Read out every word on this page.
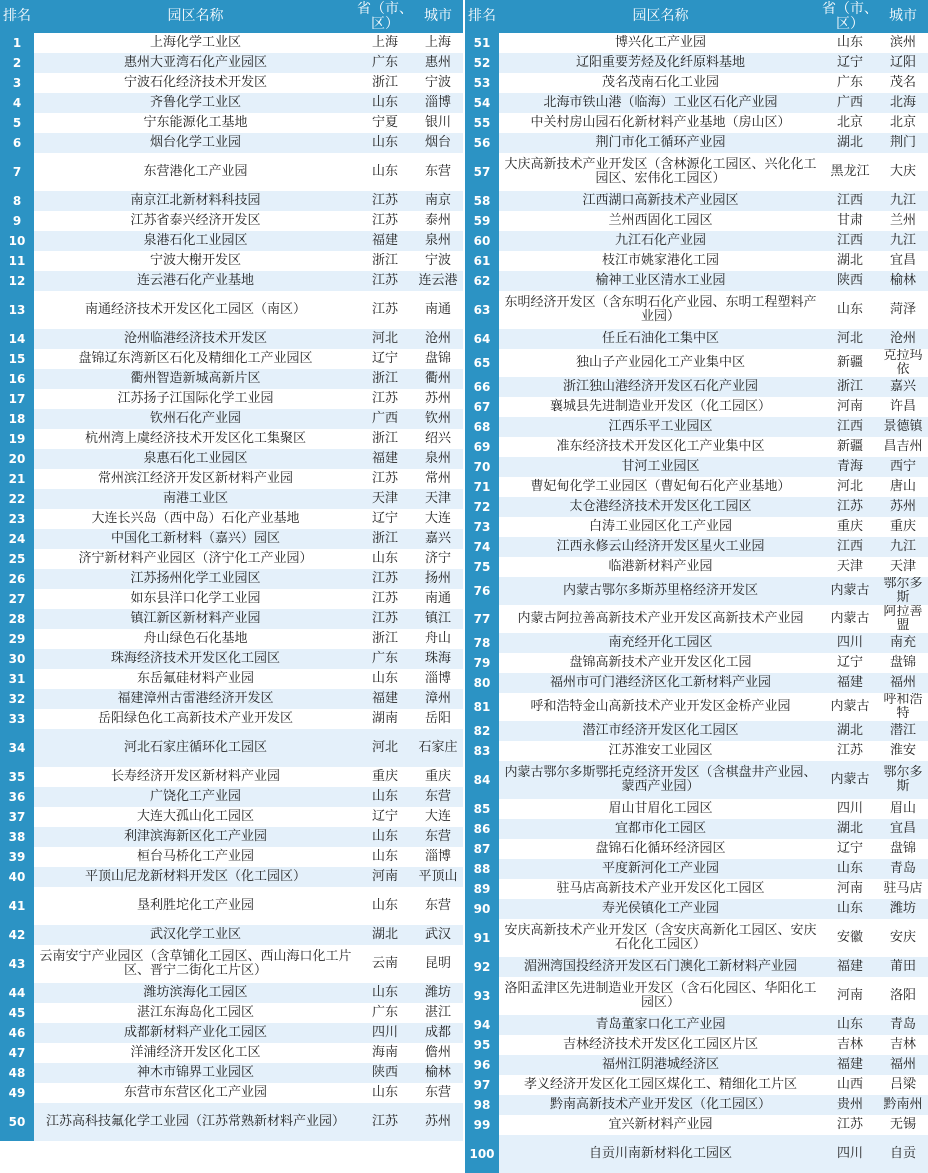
排名	园区名称	省（市、区）	城市
1	上海化学工业区	上海	上海
2	惠州大亚湾石化产业园区	广东	惠州
3	宁波石化经济技术开发区	浙江	宁波
4	齐鲁化学工业区	山东	淄博
5	宁东能源化工基地	宁夏	银川
6	烟台化学工业园	山东	烟台
7	东营港化工产业园	山东	东营
8	南京江北新材料科技园	江苏	南京
9	江苏省泰兴经济开发区	江苏	泰州
10	泉港石化工业园区	福建	泉州
11	宁波大榭开发区	浙江	宁波
12	连云港石化产业基地	江苏	连云港
13	南通经济技术开发区化工园区（南区）	江苏	南通
14	沧州临港经济技术开发区	河北	沧州
15	盘锦辽东湾新区石化及精细化工产业园区	辽宁	盘锦
16	衢州智造新城高新片区	浙江	衢州
17	江苏扬子江国际化学工业园	江苏	苏州
18	钦州石化产业园	广西	钦州
19	杭州湾上虞经济技术开发区化工集聚区	浙江	绍兴
20	泉惠石化工业园区	福建	泉州
21	常州滨江经济开发区新材料产业园	江苏	常州
22	南港工业区	天津	天津
23	大连长兴岛（西中岛）石化产业基地	辽宁	大连
24	中国化工新材料（嘉兴）园区	浙江	嘉兴
25	济宁新材料产业园区（济宁化工产业园）	山东	济宁
26	江苏扬州化学工业园区	江苏	扬州
27	如东县洋口化学工业园	江苏	南通
28	镇江新区新材料产业园	江苏	镇江
29	舟山绿色石化基地	浙江	舟山
30	珠海经济技术开发区化工园区	广东	珠海
31	东岳氟硅材料产业园	山东	淄博
32	福建漳州古雷港经济开发区	福建	漳州
33	岳阳绿色化工高新技术产业开发区	湖南	岳阳
34	河北石家庄循环化工园区	河北	石家庄
35	长寿经济开发区新材料产业园	重庆	重庆
36	广饶化工产业园	山东	东营
37	大连大孤山化工园区	辽宁	大连
38	利津滨海新区化工产业园	山东	东营
39	桓台马桥化工产业园	山东	淄博
40	平顶山尼龙新材料开发区（化工园区）	河南	平顶山
41	垦利胜坨化工产业园	山东	东营
42	武汉化学工业区	湖北	武汉
43	云南安宁产业园区（含草铺化工园区、西山海口化工片区、晋宁二街化工片区）	云南	昆明
44	潍坊滨海化工园区	山东	潍坊
45	湛江东海岛化工园区	广东	湛江
46	成都新材料产业化工园区	四川	成都
47	洋浦经济开发区化工区	海南	儋州
48	神木市锦界工业园区	陕西	榆林
49	东营市东营区化工产业园	山东	东营
50	江苏高科技氟化学工业园（江苏常熟新材料产业园）	江苏	苏州
排名	园区名称	省（市、区）	城市
51	博兴化工产业园	山东	滨州
52	辽阳重要芳烃及化纤原料基地	辽宁	辽阳
53	茂名茂南石化工业园	广东	茂名
54	北海市铁山港（临海）工业区石化产业园	广西	北海
55	中关村房山园石化新材料产业基地（房山区）	北京	北京
56	荆门市化工循环产业园	湖北	荆门
57	大庆高新技术产业开发区（含林源化工园区、兴化化工园区、宏伟化工园区）	黑龙江	大庆
58	江西湖口高新技术产业园区	江西	九江
59	兰州西固化工园区	甘肃	兰州
60	九江石化产业园	江西	九江
61	枝江市姚家港化工园	湖北	宜昌
62	榆神工业区清水工业园	陕西	榆林
63	东明经济开发区（含东明石化产业园、东明工程塑料产业园）	山东	菏泽
64	任丘石油化工集中区	河北	沧州
65	独山子产业园化工产业集中区	新疆	克拉玛依
66	浙江独山港经济开发区石化产业园	浙江	嘉兴
67	襄城县先进制造业开发区（化工园区）	河南	许昌
68	江西乐平工业园区	江西	景德镇
69	准东经济技术开发区化工产业集中区	新疆	昌吉州
70	甘河工业园区	青海	西宁
71	曹妃甸化学工业园区（曹妃甸石化产业基地）	河北	唐山
72	太仓港经济技术开发区化工园区	江苏	苏州
73	白涛工业园区化工产业园	重庆	重庆
74	江西永修云山经济开发区星火工业园	江西	九江
75	临港新材料产业园	天津	天津
76	内蒙古鄂尔多斯苏里格经济开发区	内蒙古	鄂尔多斯
77	内蒙古阿拉善高新技术产业开发区高新技术产业园	内蒙古	阿拉善盟
78	南充经开化工园区	四川	南充
79	盘锦高新技术产业开发区化工园	辽宁	盘锦
80	福州市可门港经济区化工新材料产业园	福建	福州
81	呼和浩特金山高新技术产业开发区金桥产业园	内蒙古	呼和浩特
82	潜江市经济开发区化工园区	湖北	潜江
83	江苏淮安工业园区	江苏	淮安
84	内蒙古鄂尔多斯鄂托克经济开发区（含棋盘井产业园、蒙西产业园）	内蒙古	鄂尔多斯
85	眉山甘眉化工园区	四川	眉山
86	宜都市化工园区	湖北	宜昌
87	盘锦石化循环经济园区	辽宁	盘锦
88	平度新河化工产业园	山东	青岛
89	驻马店高新技术产业开发区化工园区	河南	驻马店
90	寿光侯镇化工产业园	山东	潍坊
91	安庆高新技术产业开发区（含安庆高新化工园区、安庆石化化工园区）	安徽	安庆
92	湄洲湾国投经济开发区石门澳化工新材料产业园	福建	莆田
93	洛阳孟津区先进制造业开发区（含石化园区、华阳化工园区）	河南	洛阳
94	青岛董家口化工产业园	山东	青岛
95	吉林经济技术开发区化工园区片区	吉林	吉林
96	福州江阴港城经济区	福建	福州
97	孝义经济开发区化工园区煤化工、精细化工片区	山西	吕梁
98	黔南高新技术产业开发区（化工园区）	贵州	黔南州
99	宜兴新材料产业园	江苏	无锡
100	自贡川南新材料化工园区	四川	自贡
